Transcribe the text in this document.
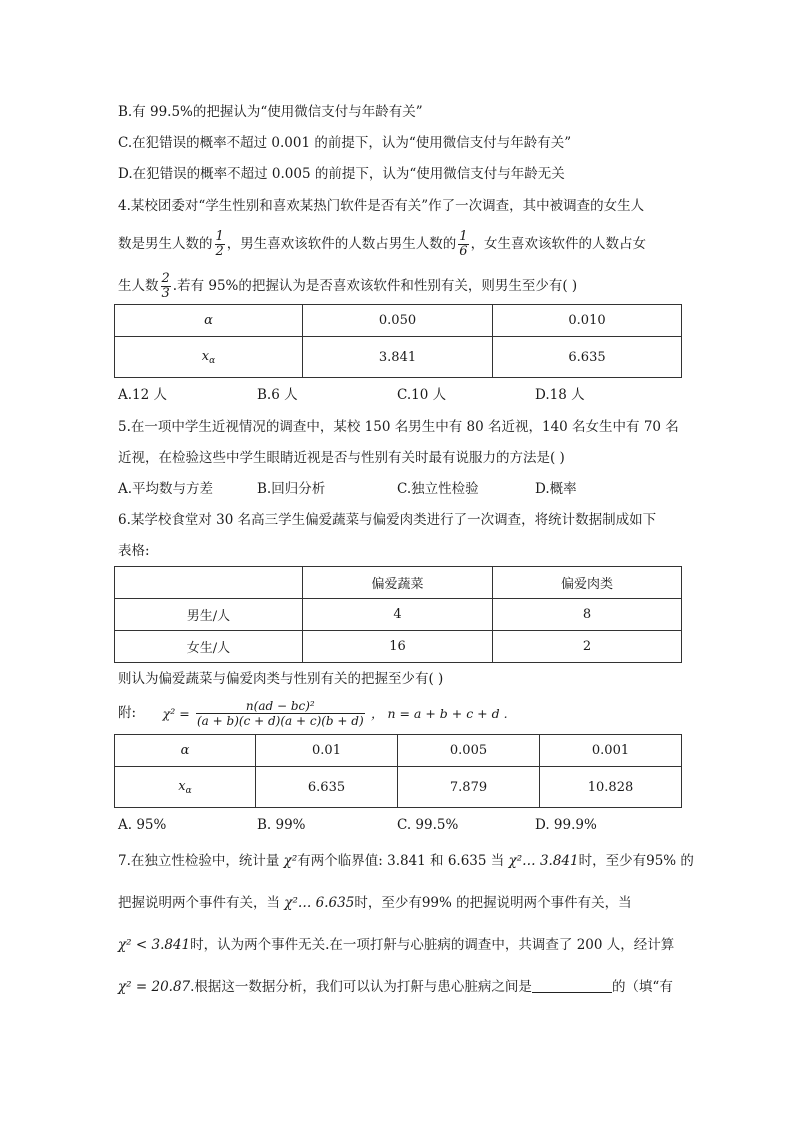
B.有 99.5%的把握认为“使用微信支付与年龄有关”
C.在犯错误的概率不超过 0.001 的前提下，认为“使用微信支付与年龄有关”
D.在犯错误的概率不超过 0.005 的前提下，认为“使用微信支付与年龄无关
4.某校团委对“学生性别和喜欢某热门软件是否有关”作了一次调查，其中被调查的女生人
数是男生人数的 $\frac{1}{2}$ ，男生喜欢该软件的人数占男生人数的 $\frac{1}{6}$ ，女生喜欢该软件的人数占女
生人数 $\frac{2}{3}$ .若有 95%的把握认为是否喜欢该软件和性别有关，则男生至少有( )
α	0.050	0.010
$x_\alpha$	3.841	6.635
A.12 人	B.6 人	C.10 人	D.18 人
5.在一项中学生近视情况的调查中，某校 150 名男生中有 80 名近视，140 名女生中有 70 名
近视，在检验这些中学生眼睛近视是否与性别有关时最有说服力的方法是( )
A.平均数与方差	B.回归分析	C.独立性检验	D.概率
6.某学校食堂对 30 名高三学生偏爱蔬菜与偏爱肉类进行了一次调查，将统计数据制成如下
表格:
	偏爱蔬菜	偏爱肉类
男生/人	4	8
女生/人	16	2
则认为偏爱蔬菜与偏爱肉类与性别有关的把握至少有( )
附: $\chi^2 = \frac{\text{n(ad − bc)²}}{(a + b)(c + d)(a + c)(b + d)}$ ， n = a + b + c + d .
α	0.01	0.005	0.001
$x_\alpha$	6.635	7.879	10.828
A. 95%	B. 99%	C. 99.5%	D. 99.9%
7.在独立性检验中，统计量 χ²有两个临界值: 3.841 和 6.635 当 χ²… 3.841时，至少有95% 的
把握说明两个事件有关，当 χ²… 6.635时，至少有99% 的把握说明两个事件有关，当
χ² < 3.841时，认为两个事件无关.在一项打鼾与心脏病的调查中，共调查了 200 人，经计算
χ² = 20.87.根据这一数据分析，我们可以认为打鼾与患心脏病之间是	的（填“有
